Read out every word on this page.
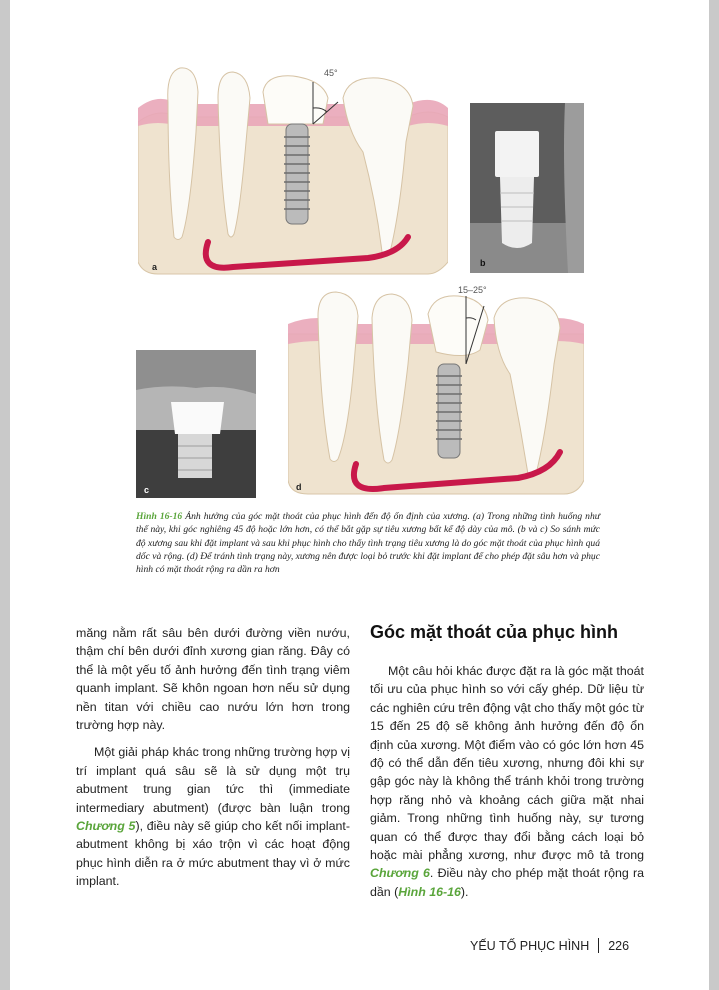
a
45°
b
c	d
15–25°
Hình 16-16 Ảnh hưởng của góc mặt thoát của phục hình đến độ ổn định của xương. (a) Trong những tình huống như thế này, khi góc nghiêng 45 độ hoặc lớn hơn, có thể bắt gặp sự tiêu xương bất kể độ dày của mô. (b và c) So sánh mức độ xương sau khi đặt implant và sau khi phục hình cho thấy tình trạng tiêu xương là do góc mặt thoát của phục hình quá dốc và rộng. (d) Để tránh tình trạng này, xương nên được loại bỏ trước khi đặt implant để cho phép đặt sâu hơn và phục hình có mặt thoát rộng ra dần ra hơn

măng nằm rất sâu bên dưới đường viền nướu, thậm chí bên dưới đỉnh xương gian răng. Đây có thể là một yếu tố ảnh hưởng đến tình trạng viêm quanh implant. Sẽ khôn ngoan hơn nếu sử dụng nền titan với chiều cao nướu lớn hơn trong trường hợp này.

Một giải pháp khác trong những trường hợp vị trí implant quá sâu sẽ là sử dụng một trụ abutment trung gian tức thì (immediate intermediary abutment) (được bàn luận trong Chương 5), điều này sẽ giúp cho kết nối implant-abutment không bị xáo trộn vì các hoạt động phục hình diễn ra ở mức abutment thay vì ở mức implant.

Góc mặt thoát của phục hình

Một câu hỏi khác được đặt ra là góc mặt thoát tối ưu của phục hình so với cấy ghép. Dữ liệu từ các nghiên cứu trên động vật cho thấy một góc từ 15 đến 25 độ sẽ không ảnh hưởng đến độ ổn định của xương. Một điểm vào có góc lớn hơn 45 độ có thể dẫn đến tiêu xương, nhưng đôi khi sự gập góc này là không thể tránh khỏi trong trường hợp răng nhỏ và khoảng cách giữa mặt nhai giảm. Trong những tình huống này, sự tương quan có thể được thay đổi bằng cách loại bỏ hoặc mài phẳng xương, như được mô tả trong Chương 6. Điều này cho phép mặt thoát rộng ra dần (Hình 16-16).

YẾU TỐ PHỤC HÌNH 226
